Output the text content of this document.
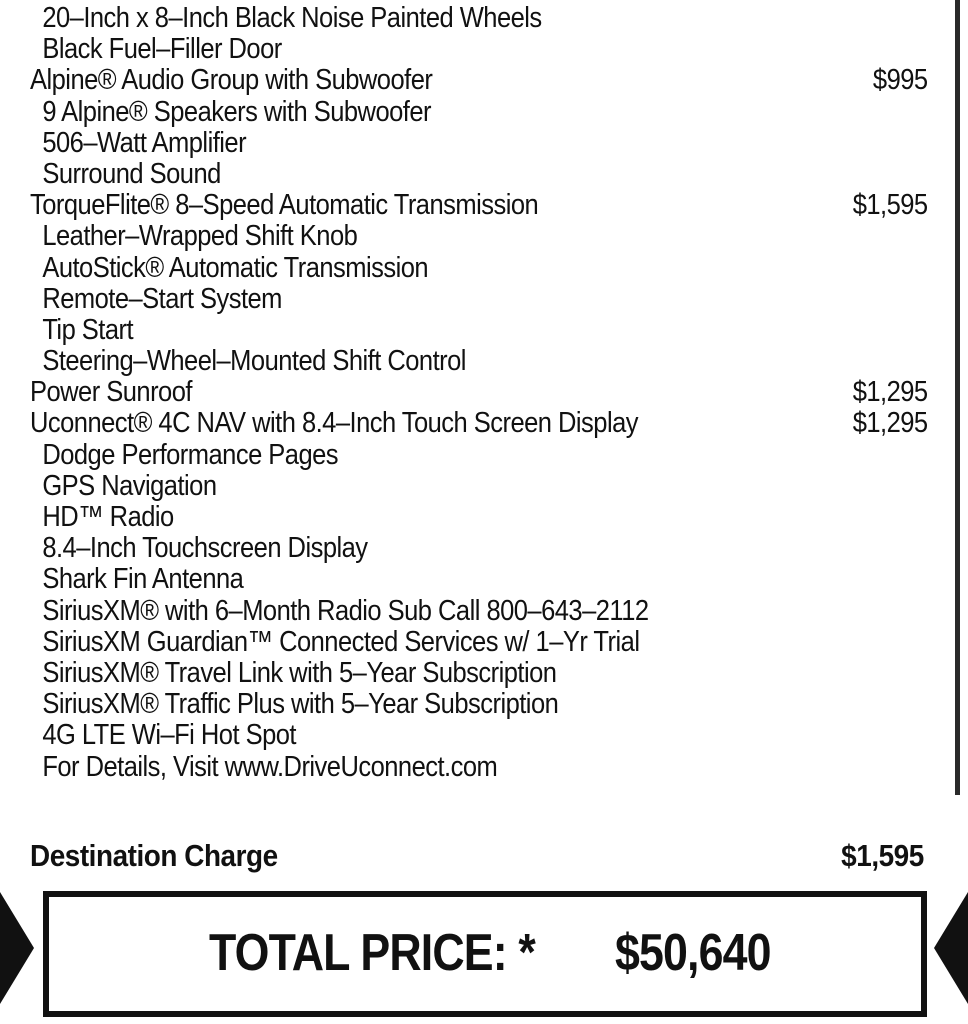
20–Inch x 8–Inch Black Noise Painted Wheels
Black Fuel–Filler Door
Alpine® Audio Group with Subwoofer	$995
9 Alpine® Speakers with Subwoofer
506–Watt Amplifier
Surround Sound
TorqueFlite® 8–Speed Automatic Transmission	$1,595
Leather–Wrapped Shift Knob
AutoStick® Automatic Transmission
Remote–Start System
Tip Start
Steering–Wheel–Mounted Shift Control
Power Sunroof	$1,295
Uconnect® 4C NAV with 8.4–Inch Touch Screen Display	$1,295
Dodge Performance Pages
GPS Navigation
HD™ Radio
8.4–Inch Touchscreen Display
Shark Fin Antenna
SiriusXM® with 6–Month Radio Sub Call 800–643–2112
SiriusXM Guardian™ Connected Services w/ 1–Yr Trial
SiriusXM® Travel Link with 5–Year Subscription
SiriusXM® Traffic Plus with 5–Year Subscription
4G LTE Wi–Fi Hot Spot
For Details, Visit www.DriveUconnect.com
Destination Charge	$1,595
TOTAL PRICE: * $50,640
